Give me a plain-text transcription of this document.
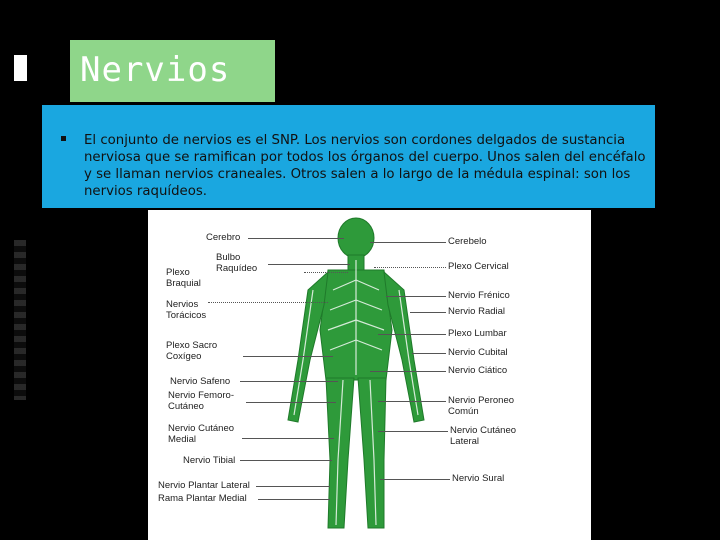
Nervios
El conjunto de nervios es el SNP. Los nervios son cordones delgados de sustancia nerviosa que se ramifican por todos los órganos del cuerpo. Unos salen del encéfalo y se llaman nervios craneales. Otros salen a lo largo de la médula espinal: son los nervios raquídeos.
Cerebro
Bulbo Raquídeo
Plexo Braquial
Nervios Torácicos
Plexo Sacro Coxígeo
Nervio Safeno
Nervio Femoro-Cutáneo
Nervio Cutáneo Medial
Nervio Tibial
Nervio Plantar Lateral
Rama Plantar Medial
Cerebelo
Plexo Cervical
Nervio Frénico
Nervio Radial
Plexo Lumbar
Nervio Cubital
Nervio Ciático
Nervio Peroneo Común
Nervio Cutáneo Lateral
Nervio Sural
